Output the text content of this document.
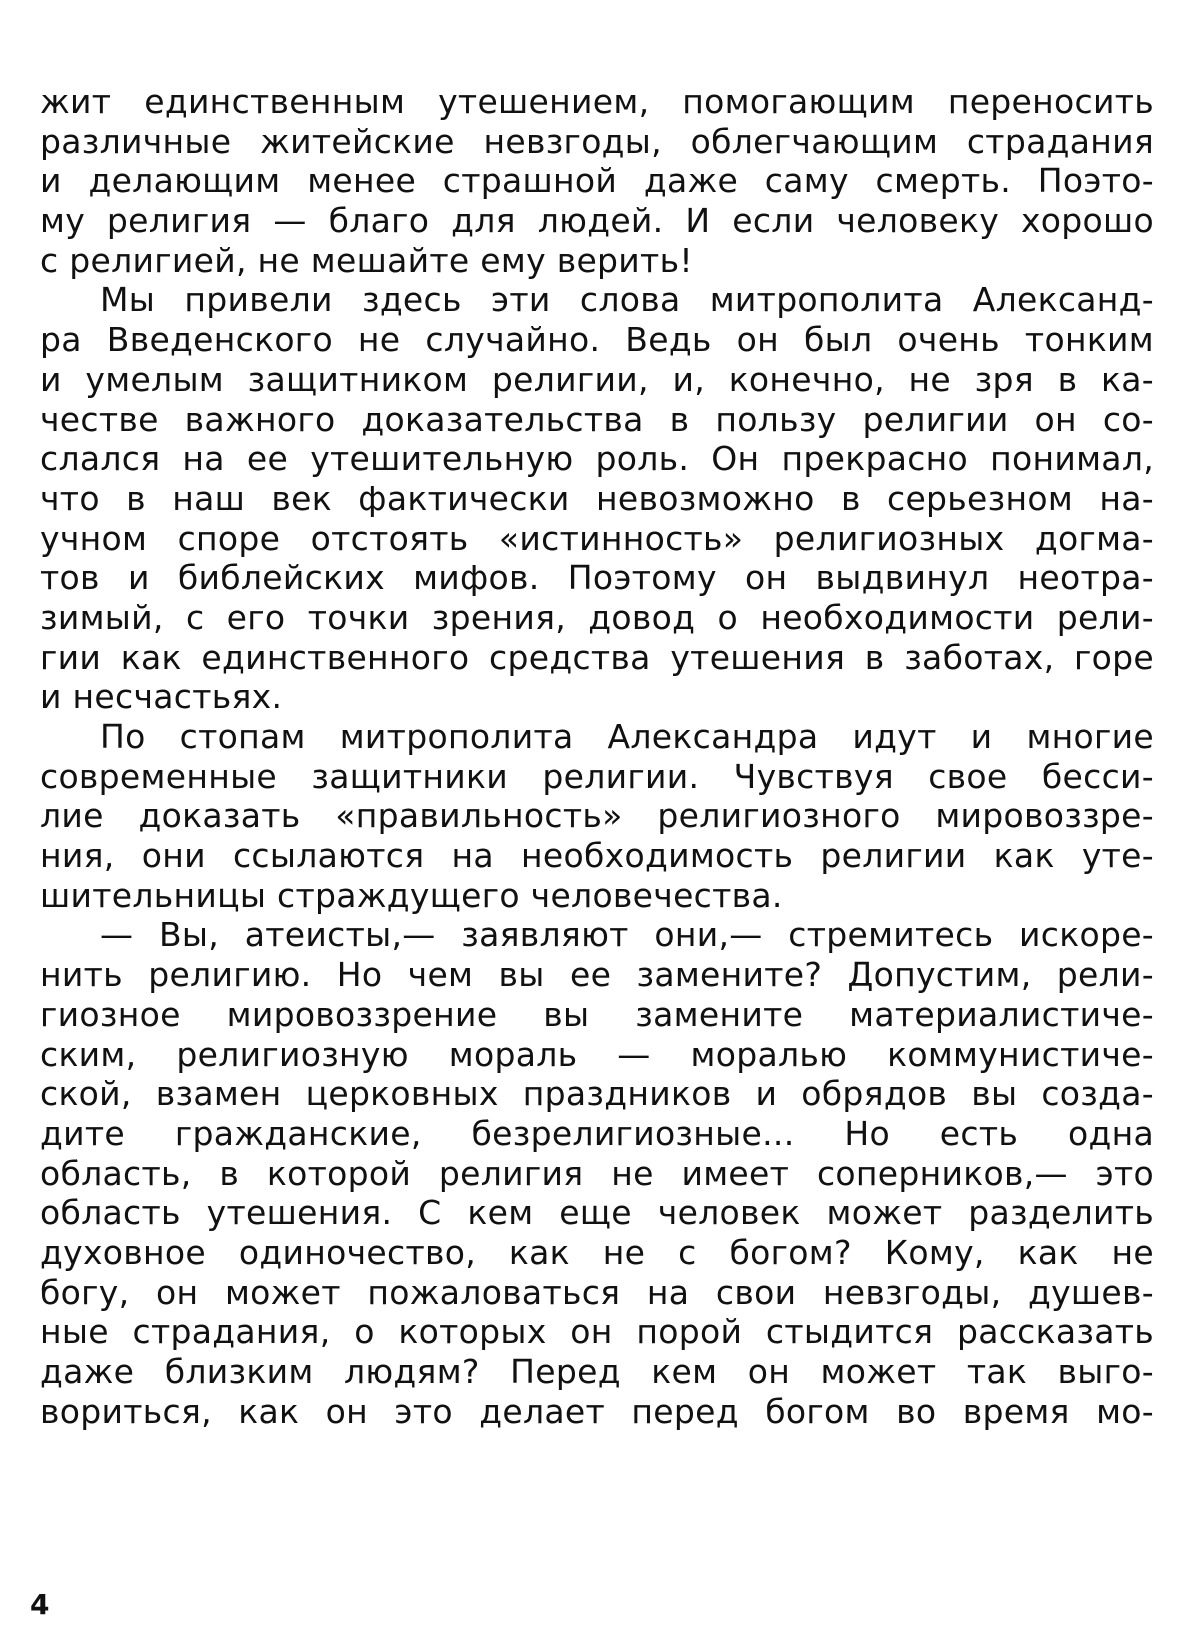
жит единственным утешением, помогающим переносить
различные житейские невзгоды, облегчающим страдания
и делающим менее страшной даже саму смерть. Поэто-
му религия — благо для людей. И если человеку хорошо
с религией, не мешайте ему верить!
Мы привели здесь эти слова митрополита Александ-
ра Введенского не случайно. Ведь он был очень тонким
и умелым защитником религии, и, конечно, не зря в ка-
честве важного доказательства в пользу религии он со-
слался на ее утешительную роль. Он прекрасно понимал,
что в наш век фактически невозможно в серьезном на-
учном споре отстоять «истинность» религиозных догма-
тов и библейских мифов. Поэтому он выдвинул неотра-
зимый, с его точки зрения, довод о необходимости рели-
гии как единственного средства утешения в заботах, горе
и несчастьях.
По стопам митрополита Александра идут и многие
современные защитники религии. Чувствуя свое бесси-
лие доказать «правильность» религиозного мировоззре-
ния, они ссылаются на необходимость религии как уте-
шительницы страждущего человечества.
— Вы, атеисты,— заявляют они,— стремитесь искоре-
нить религию. Но чем вы ее замените? Допустим, рели-
гиозное мировоззрение вы замените материалистиче-
ским, религиозную мораль — моралью коммунистиче-
ской, взамен церковных праздников и обрядов вы созда-
дите гражданские, безрелигиозные... Но есть одна
область, в которой религия не имеет соперников,— это
область утешения. С кем еще человек может разделить
духовное одиночество, как не с богом? Кому, как не
богу, он может пожаловаться на свои невзгоды, душев-
ные страдания, о которых он порой стыдится рассказать
даже близким людям? Перед кем он может так выго-
вориться, как он это делает перед богом во время мо-
4
